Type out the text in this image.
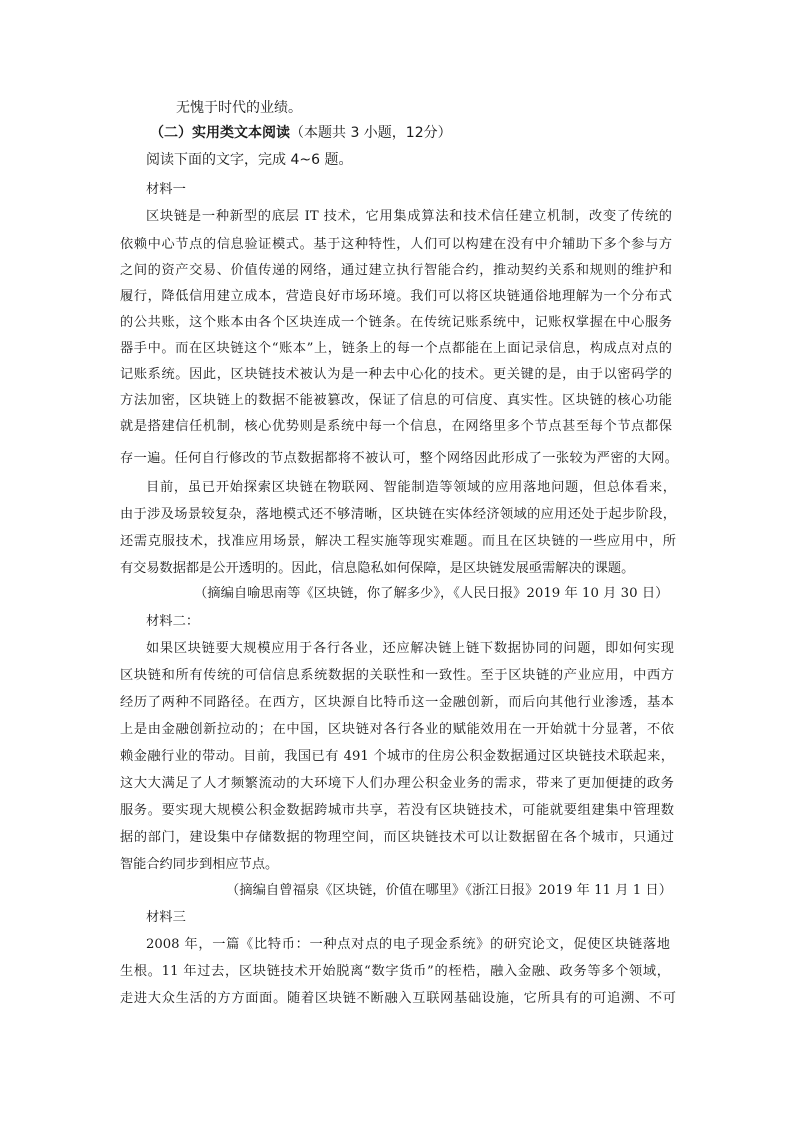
无愧于时代的业绩。
（二）实用类文本阅读（本题共 3 小题，12分）
阅读下面的文字，完成 4~6 题。
材料一
区块链是一种新型的底层 IT 技术，它用集成算法和技术信任建立机制，改变了传统的
依赖中心节点的信息验证模式。基于这种特性，人们可以构建在没有中介辅助下多个参与方
之间的资产交易、价值传递的网络，通过建立执行智能合约，推动契约关系和规则的维护和
履行，降低信用建立成本，营造良好市场环境。我们可以将区块链通俗地理解为一个分布式
的公共账，这个账本由各个区块连成一个链条。在传统记账系统中，记账权掌握在中心服务
器手中。而在区块链这个“账本”上，链条上的每一个点都能在上面记录信息，构成点对点的
记账系统。因此，区块链技术被认为是一种去中心化的技术。更关键的是，由于以密码学的
方法加密，区块链上的数据不能被篡改，保证了信息的可信度、真实性。区块链的核心功能
就是搭建信任机制，核心优势则是系统中每一个信息，在网络里多个节点甚至每个节点都保
存一遍。任何自行修改的节点数据都将不被认可，整个网络因此形成了一张较为严密的大网。
目前，虽已开始探索区块链在物联网、智能制造等领域的应用落地问题，但总体看来，
由于涉及场景较复杂，落地模式还不够清晰，区块链在实体经济领域的应用还处于起步阶段，
还需克服技术，找准应用场景，解决工程实施等现实难题。而且在区块链的一些应用中，所
有交易数据都是公开透明的。因此，信息隐私如何保障，是区块链发展亟需解决的课题。
（摘编自喻思南等《区块链，你了解多少》，《人民日报》2019 年 10 月 30 日）
材料二：
如果区块链要大规模应用于各行各业，还应解决链上链下数据协同的问题，即如何实现
区块链和所有传统的可信信息系统数据的关联性和一致性。至于区块链的产业应用，中西方
经历了两种不同路径。在西方，区块源自比特币这一金融创新，而后向其他行业渗透，基本
上是由金融创新拉动的；在中国，区块链对各行各业的赋能效用在一开始就十分显著，不依
赖金融行业的带动。目前，我国已有 491 个城市的住房公积金数据通过区块链技术联起来，
这大大满足了人才频繁流动的大环境下人们办理公积金业务的需求，带来了更加便捷的政务
服务。要实现大规模公积金数据跨城市共享，若没有区块链技术，可能就要组建集中管理数
据的部门，建设集中存储数据的物理空间，而区块链技术可以让数据留在各个城市，只通过
智能合约同步到相应节点。
（摘编自曾福泉《区块链，价值在哪里》《浙江日报》2019 年 11 月 1 日）
材料三
2008 年，一篇《比特币：一种点对点的电子现金系统》的研究论文，促使区块链落地
生根。11 年过去，区块链技术开始脱离“数字货币”的桎梏，融入金融、政务等多个领域，
走进大众生活的方方面面。随着区块链不断融入互联网基础设施，它所具有的可追溯、不可
